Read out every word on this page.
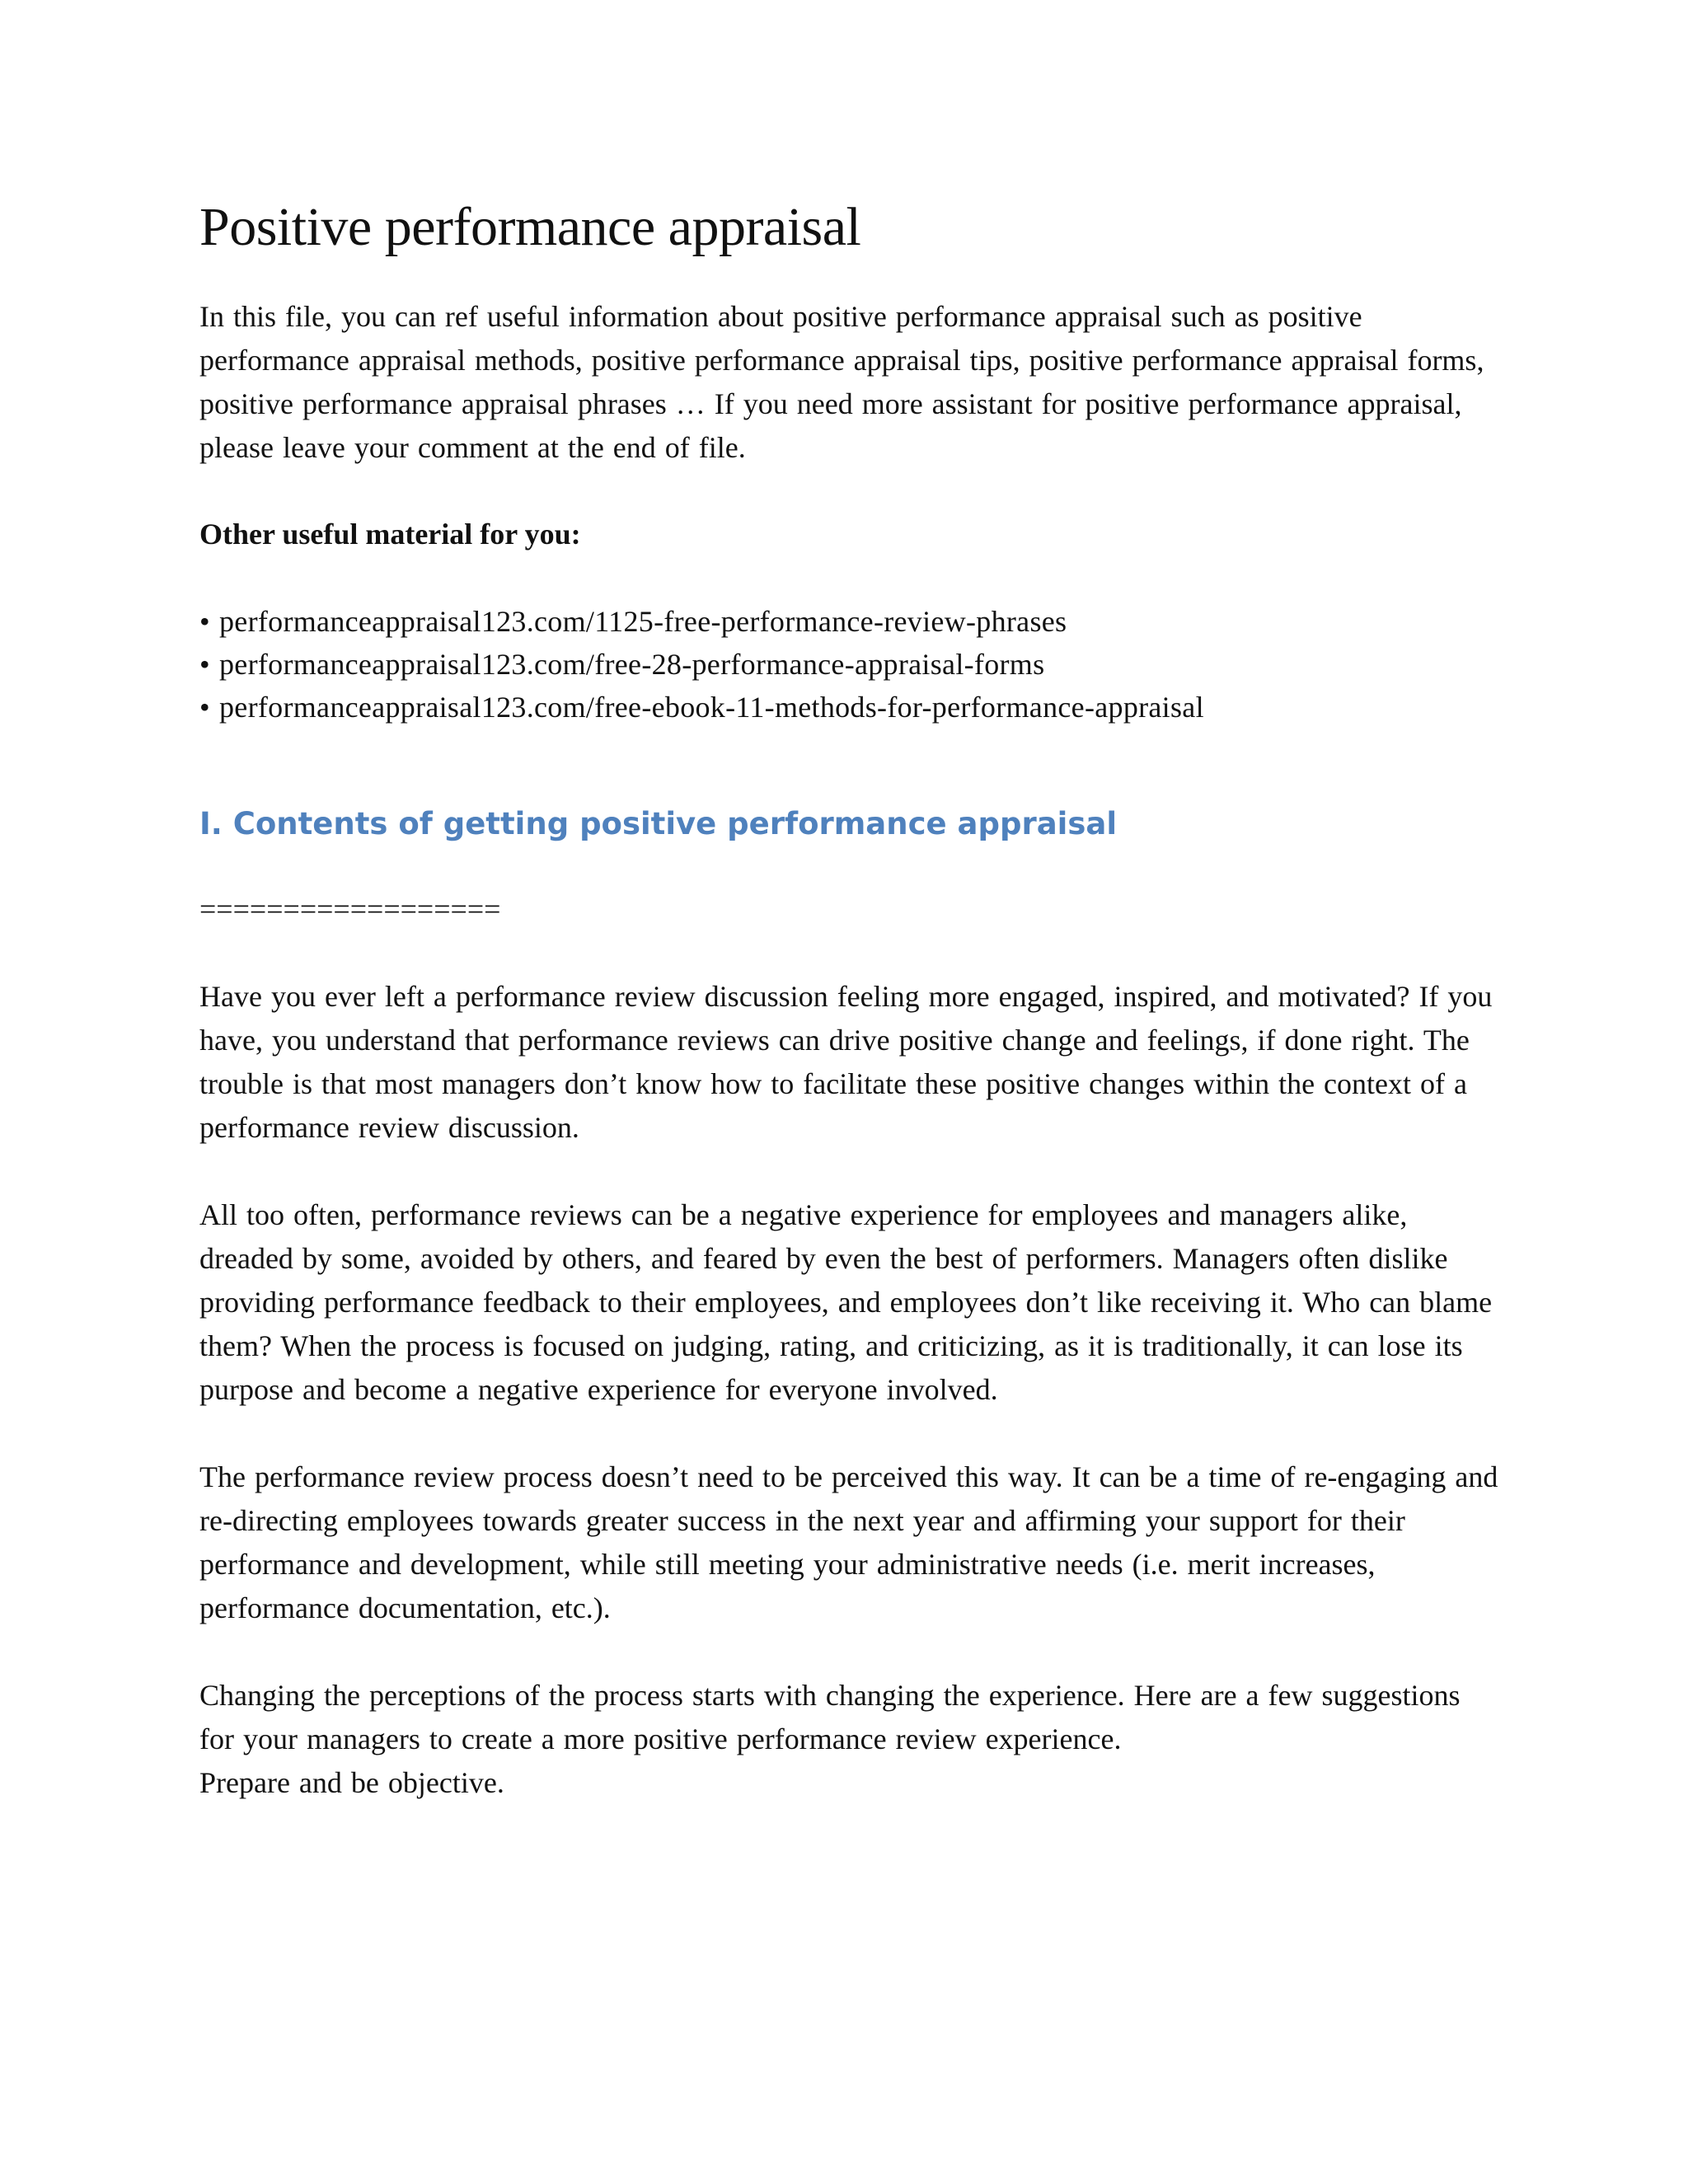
Positive performance appraisal

In this file, you can ref useful information about positive performance appraisal such as positive performance appraisal methods, positive performance appraisal tips, positive performance appraisal forms, positive performance appraisal phrases … If you need more assistant for positive performance appraisal, please leave your comment at the end of file.

Other useful material for you:

• performanceappraisal123.com/1125-free-performance-review-phrases
• performanceappraisal123.com/free-28-performance-appraisal-forms
• performanceappraisal123.com/free-ebook-11-methods-for-performance-appraisal
I. Contents of getting positive performance appraisal

==================

Have you ever left a performance review discussion feeling more engaged, inspired, and motivated? If you have, you understand that performance reviews can drive positive change and feelings, if done right. The trouble is that most managers don’t know how to facilitate these positive changes within the context of a performance review discussion.

All too often, performance reviews can be a negative experience for employees and managers alike, dreaded by some, avoided by others, and feared by even the best of performers. Managers often dislike providing performance feedback to their employees, and employees don’t like receiving it. Who can blame them? When the process is focused on judging, rating, and criticizing, as it is traditionally, it can lose its purpose and become a negative experience for everyone involved.

The performance review process doesn’t need to be perceived this way. It can be a time of re-engaging and re-directing employees towards greater success in the next year and affirming your support for their performance and development, while still meeting your administrative needs (i.e. merit increases, performance documentation, etc.).

Changing the perceptions of the process starts with changing the experience. Here are a few suggestions for your managers to create a more positive performance review experience.

Prepare and be objective.
